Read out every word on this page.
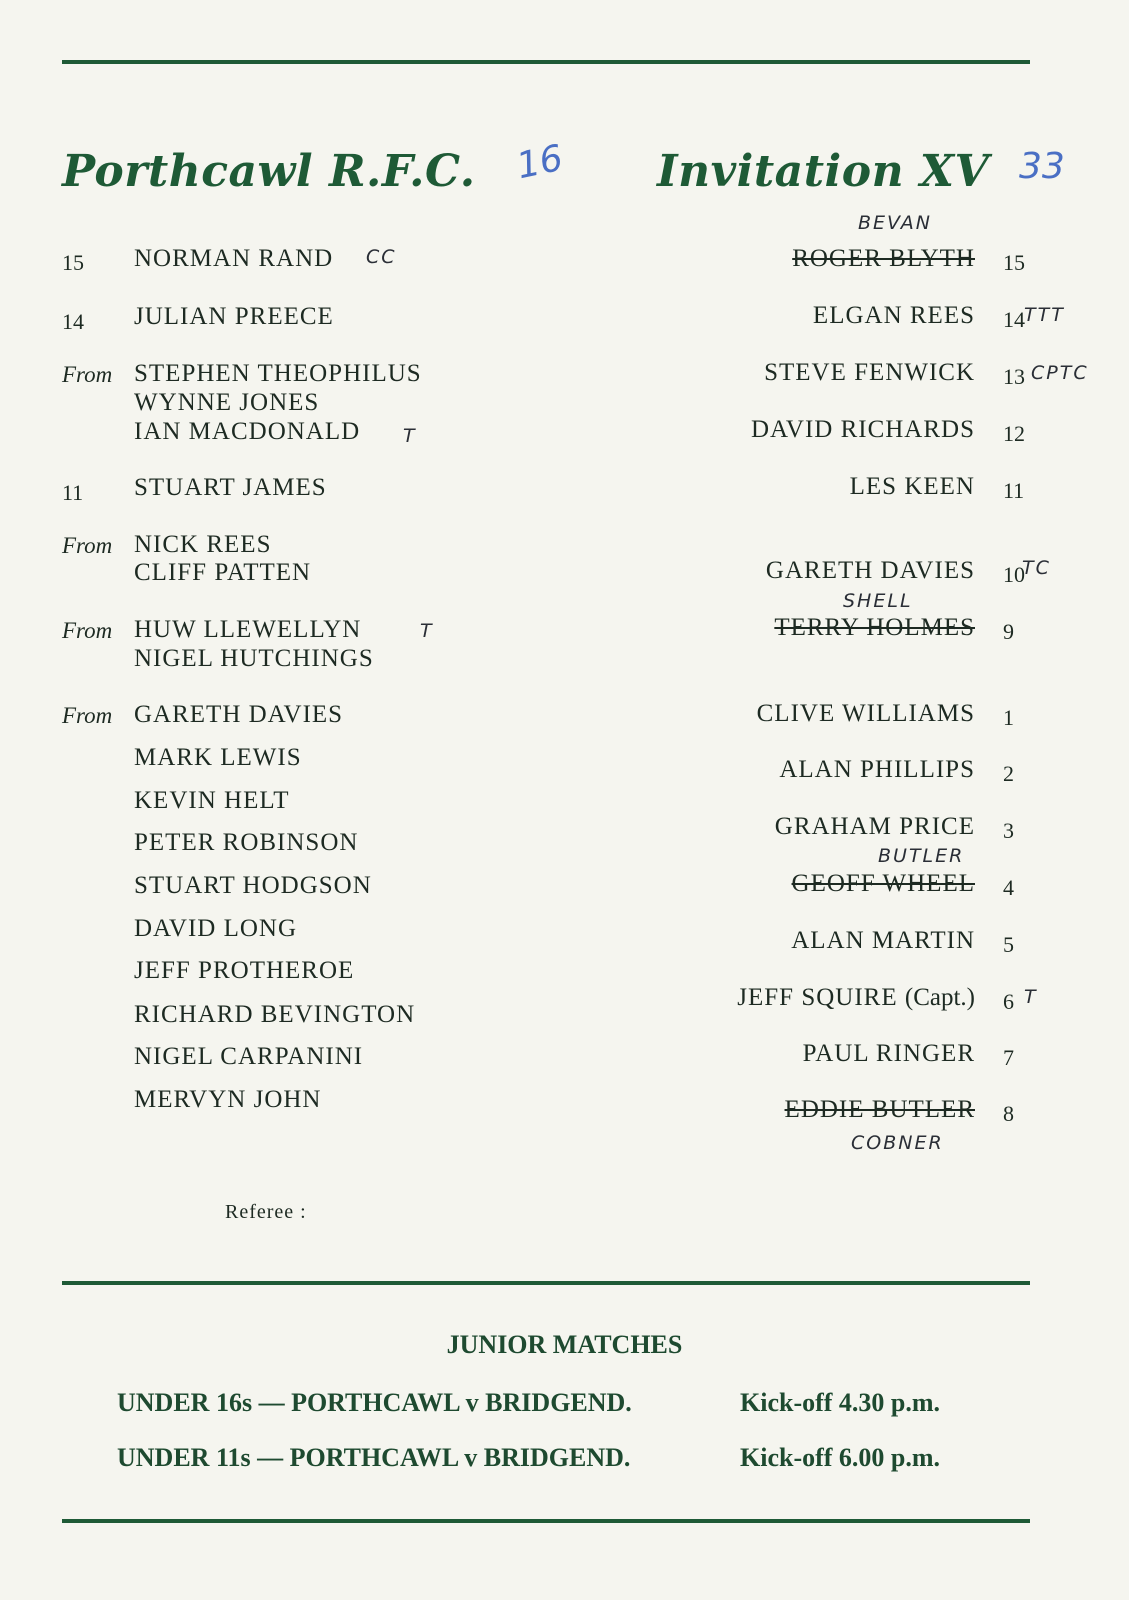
Porthcawl R.F.C. 16 Invitation XV 33
15 NORMAN RAND CC
14 JULIAN PREECE
From STEPHEN THEOPHILUS
WYNNE JONES
IAN MACDONALD T
11 STUART JAMES
From NICK REES
CLIFF PATTEN
From HUW LLEWELLYN	T
NIGEL HUTCHINGS
From GARETH DAVIES
MARK LEWIS
KEVIN HELT
PETER ROBINSON
STUART HODGSON
DAVID LONG
JEFF PROTHEROE
RICHARD BEVINGTON
NIGEL CARPANINI
MERVYN JOHN
BEVAN
ROGER BLYTH 15
ELGAN REES 14 TTT
STEVE FENWICK 13 CPTC
DAVID RICHARDS 12
LES KEEN 11
GARETH DAVIES 10
TC
SHELL
TERRY HOLMES 9
CLIVE WILLIAMS 1
ALAN PHILLIPS 2
GRAHAM PRICE 3
BUTLER
GEOFF WHEEL 4
ALAN MARTIN 5
JEFF SQUIRE (Capt.) 6 T
PAUL RINGER 7
EDDIE BUTLER 8
COBNER
Referee :
JUNIOR MATCHES
UNDER 16s — PORTHCAWL v BRIDGEND.	Kick-off 4.30 p.m.
UNDER 11s — PORTHCAWL v BRIDGEND.	Kick-off 6.00 p.m.
